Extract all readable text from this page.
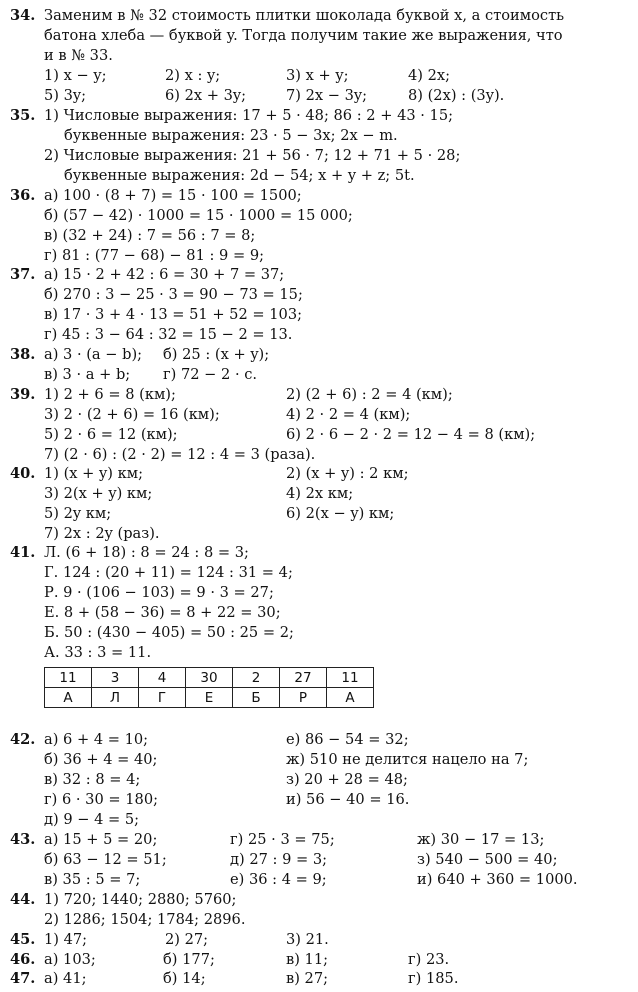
34. Заменим в № 32 стоимость плитки шоколада буквой x, а стоимость
батона хлеба — буквой y. Тогда получим такие же выражения, что
и в № 33.
1) x − y;	2) x : y;	3) x + y;	4) 2x;
5) 3y;	6) 2x + 3y;	7) 2x − 3y;	8) (2x) : (3y).
35. 1) Числовые выражения: 17 + 5 · 48; 86 : 2 + 43 · 15;
буквенные выражения: 23 · 5 − 3x; 2x − m.
2) Числовые выражения: 21 + 56 · 7; 12 + 71 + 5 · 28;
буквенные выражения: 2d − 54; x + y + z; 5t.
36. а) 100 · (8 + 7) = 15 · 100 = 1500;
б) (57 − 42) · 1000 = 15 · 1000 = 15 000;
в) (32 + 24) : 7 = 56 : 7 = 8;
г) 81 : (77 − 68) − 81 : 9 = 9;
37. а) 15 · 2 + 42 : 6 = 30 + 7 = 37;
б) 270 : 3 − 25 · 3 = 90 − 73 = 15;
в) 17 · 3 + 4 · 13 = 51 + 52 = 103;
г) 45 : 3 − 64 : 32 = 15 − 2 = 13.
38. а) 3 · (a − b); б) 25 : (x + y);
в) 3 · a + b; г) 72 − 2 · c.
39. 1) 2 + 6 = 8 (км);	2) (2 + 6) : 2 = 4 (км);
3) 2 · (2 + 6) = 16 (км);	4) 2 · 2 = 4 (км);
5) 2 · 6 = 12 (км);	6) 2 · 6 − 2 · 2 = 12 − 4 = 8 (км);
7) (2 · 6) : (2 · 2) = 12 : 4 = 3 (раза).
40. 1) (x + y) км;	2) (x + y) : 2 км;
3) 2(x + y) км;	4) 2x км;
5) 2y км;	6) 2(x − y) км;
7) 2x : 2y (раз).
41. Л. (6 + 18) : 8 = 24 : 8 = 3;
Г. 124 : (20 + 11) = 124 : 31 = 4;
Р. 9 · (106 − 103) = 9 · 3 = 27;
Е. 8 + (58 − 36) = 8 + 22 = 30;
Б. 50 : (430 − 405) = 50 : 25 = 2;
А. 33 : 3 = 11.
11	3	4	30	2	27	11
А	Л	Г	Е	Б	Р	А
42. а) 6 + 4 = 10;	е) 86 − 54 = 32;
б) 36 + 4 = 40;	ж) 510 не делится нацело на 7;
в) 32 : 8 = 4;	з) 20 + 28 = 48;
г) 6 · 30 = 180;	и) 56 − 40 = 16.
д) 9 − 4 = 5;
43. а) 15 + 5 = 20;	г) 25 · 3 = 75;	ж) 30 − 17 = 13;
б) 63 − 12 = 51;	д) 27 : 9 = 3;	з) 540 − 500 = 40;
в) 35 : 5 = 7;	е) 36 : 4 = 9;	и) 640 + 360 = 1000.
44. 1) 720; 1440; 2880; 5760;
2) 1286; 1504; 1784; 2896.
45. 1) 47;	2) 27;	3) 21.
46. а) 103;	б) 177;	в) 11;	г) 23.
47. а) 41;	б) 14;	в) 27;	г) 185.
